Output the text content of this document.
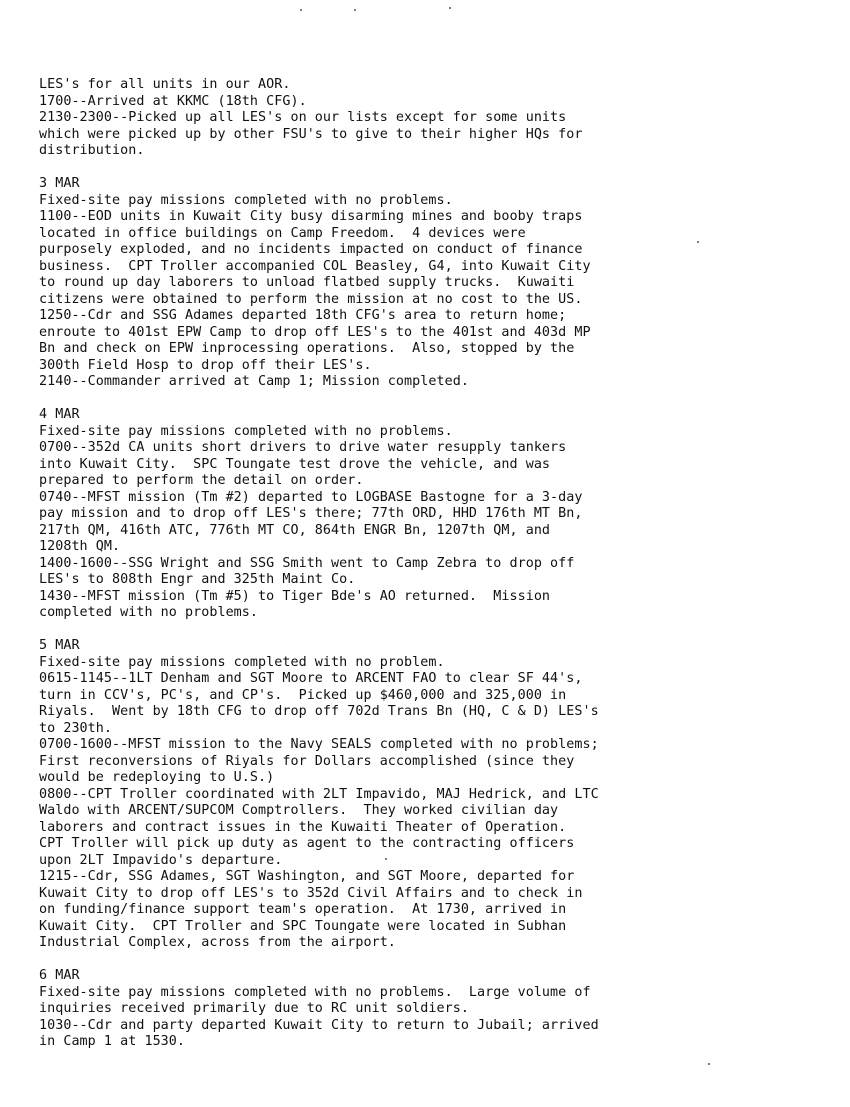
LES's for all units in our AOR.
1700--Arrived at KKMC (18th CFG).
2130-2300--Picked up all LES's on our lists except for some units
which were picked up by other FSU's to give to their higher HQs for
distribution.
3 MAR
Fixed-site pay missions completed with no problems.
1100--EOD units in Kuwait City busy disarming mines and booby traps
located in office buildings on Camp Freedom.  4 devices were
purposely exploded, and no incidents impacted on conduct of finance
business.  CPT Troller accompanied COL Beasley, G4, into Kuwait City
to round up day laborers to unload flatbed supply trucks.  Kuwaiti
citizens were obtained to perform the mission at no cost to the US.
1250--Cdr and SSG Adames departed 18th CFG's area to return home;
enroute to 401st EPW Camp to drop off LES's to the 401st and 403d MP
Bn and check on EPW inprocessing operations.  Also, stopped by the
300th Field Hosp to drop off their LES's.
2140--Commander arrived at Camp 1; Mission completed.
4 MAR
Fixed-site pay missions completed with no problems.
0700--352d CA units short drivers to drive water resupply tankers
into Kuwait City.  SPC Toungate test drove the vehicle, and was
prepared to perform the detail on order.
0740--MFST mission (Tm #2) departed to LOGBASE Bastogne for a 3-day
pay mission and to drop off LES's there; 77th ORD, HHD 176th MT Bn,
217th QM, 416th ATC, 776th MT CO, 864th ENGR Bn, 1207th QM, and
1208th QM.
1400-1600--SSG Wright and SSG Smith went to Camp Zebra to drop off
LES's to 808th Engr and 325th Maint Co.
1430--MFST mission (Tm #5) to Tiger Bde's AO returned.  Mission
completed with no problems.
5 MAR
Fixed-site pay missions completed with no problem.
0615-1145--1LT Denham and SGT Moore to ARCENT FAO to clear SF 44's,
turn in CCV's, PC's, and CP's.  Picked up $460,000 and 325,000 in
Riyals.  Went by 18th CFG to drop off 702d Trans Bn (HQ, C & D) LES's
to 230th.
0700-1600--MFST mission to the Navy SEALS completed with no problems;
First reconversions of Riyals for Dollars accomplished (since they
would be redeploying to U.S.)
0800--CPT Troller coordinated with 2LT Impavido, MAJ Hedrick, and LTC
Waldo with ARCENT/SUPCOM Comptrollers.  They worked civilian day
laborers and contract issues in the Kuwaiti Theater of Operation.
CPT Troller will pick up duty as agent to the contracting officers
upon 2LT Impavido's departure.
1215--Cdr, SSG Adames, SGT Washington, and SGT Moore, departed for
Kuwait City to drop off LES's to 352d Civil Affairs and to check in
on funding/finance support team's operation.  At 1730, arrived in
Kuwait City.  CPT Troller and SPC Toungate were located in Subhan
Industrial Complex, across from the airport.
6 MAR
Fixed-site pay missions completed with no problems.  Large volume of
inquiries received primarily due to RC unit soldiers.
1030--Cdr and party departed Kuwait City to return to Jubail; arrived
in Camp 1 at 1530.
